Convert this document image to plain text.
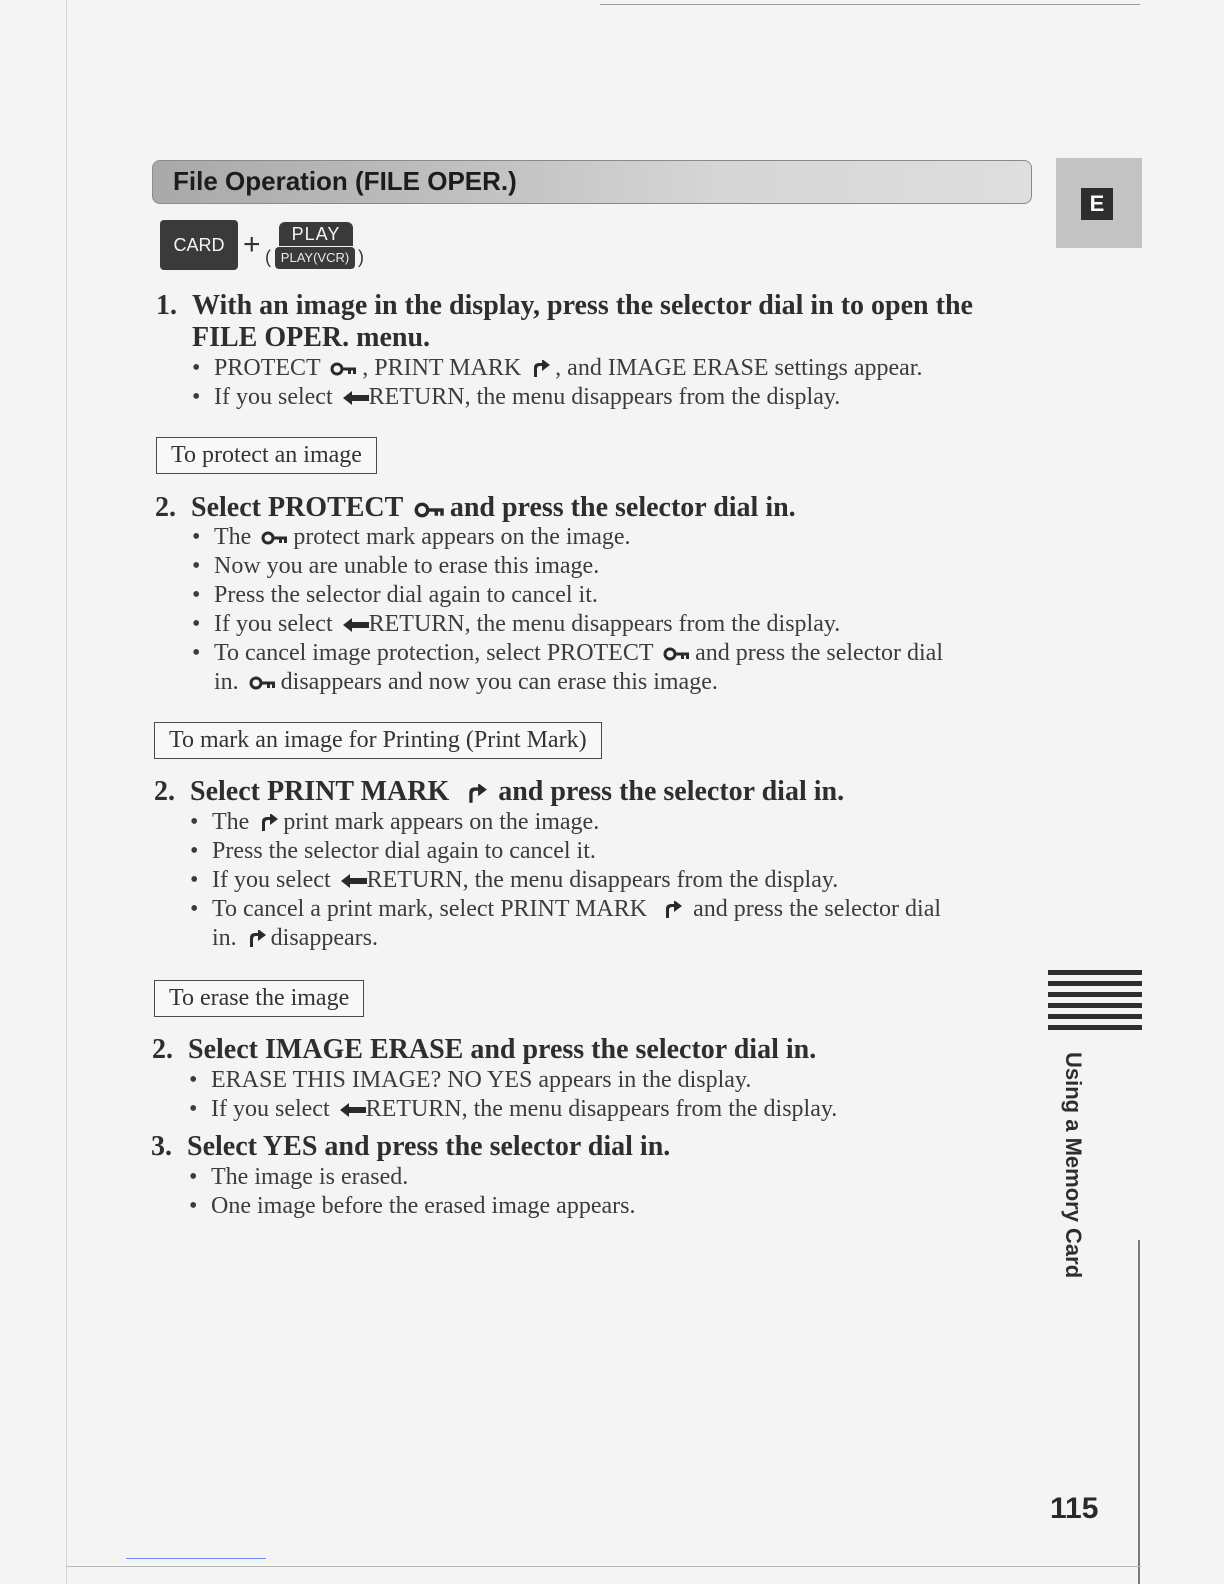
File Operation (FILE OPER.)
E
CARD + (
PLAY
PLAY(VCR) )
1. With an image in the display, press the selector dial in to open the
FILE OPER. menu.
• PROTECT , PRINT MARK , and IMAGE ERASE settings appear.
• If you select RETURN, the menu disappears from the display.
To protect an image
2. Select PROTECT and press the selector dial in.
• The protect mark appears on the image.
• Now you are unable to erase this image.
• Press the selector dial again to cancel it.
• If you select RETURN, the menu disappears from the display.
• To cancel image protection, select PROTECT and press the selector dial
in. disappears and now you can erase this image.
To mark an image for Printing (Print Mark)
2. Select PRINT MARK and press the selector dial in.
• The print mark appears on the image.
• Press the selector dial again to cancel it.
• If you select RETURN, the menu disappears from the display.
• To cancel a print mark, select PRINT MARK and press the selector dial
in. disappears.
To erase the image
2. Select IMAGE ERASE and press the selector dial in.
• ERASE THIS IMAGE? NO YES appears in the display.
• If you select RETURN, the menu disappears from the display.
3. Select YES and press the selector dial in.
• The image is erased.
• One image before the erased image appears.	Using a Memory Card
115
